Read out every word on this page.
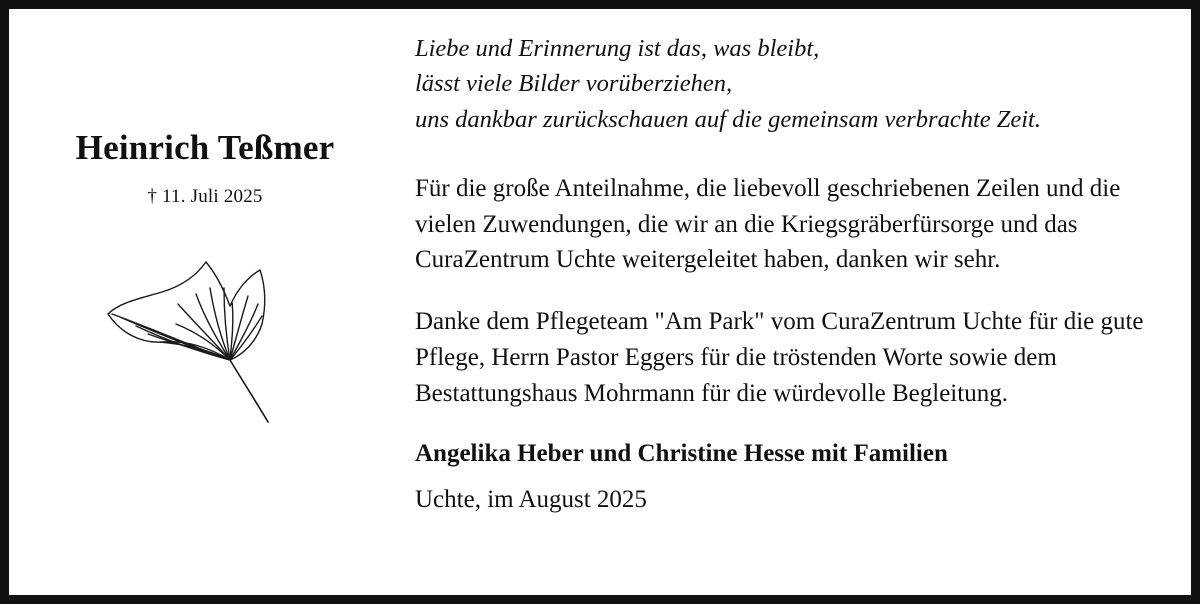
Heinrich Teßmer
† 11. Juli 2025
Liebe und Erinnerung ist das, was bleibt,
lässt viele Bilder vorüberziehen,
uns dankbar zurückschauen auf die gemeinsam verbrachte Zeit.

Für die große Anteilnahme, die liebevoll geschriebenen Zeilen und die vielen Zuwendungen, die wir an die Kriegsgräberfürsorge und das CuraZentrum Uchte weitergeleitet haben, danken wir sehr.

Danke dem Pflegeteam "Am Park" vom CuraZentrum Uchte für die gute Pflege, Herrn Pastor Eggers für die tröstenden Worte sowie dem Bestattungshaus Mohrmann für die würdevolle Begleitung.

Angelika Heber und Christine Hesse mit Familien

Uchte, im August 2025
